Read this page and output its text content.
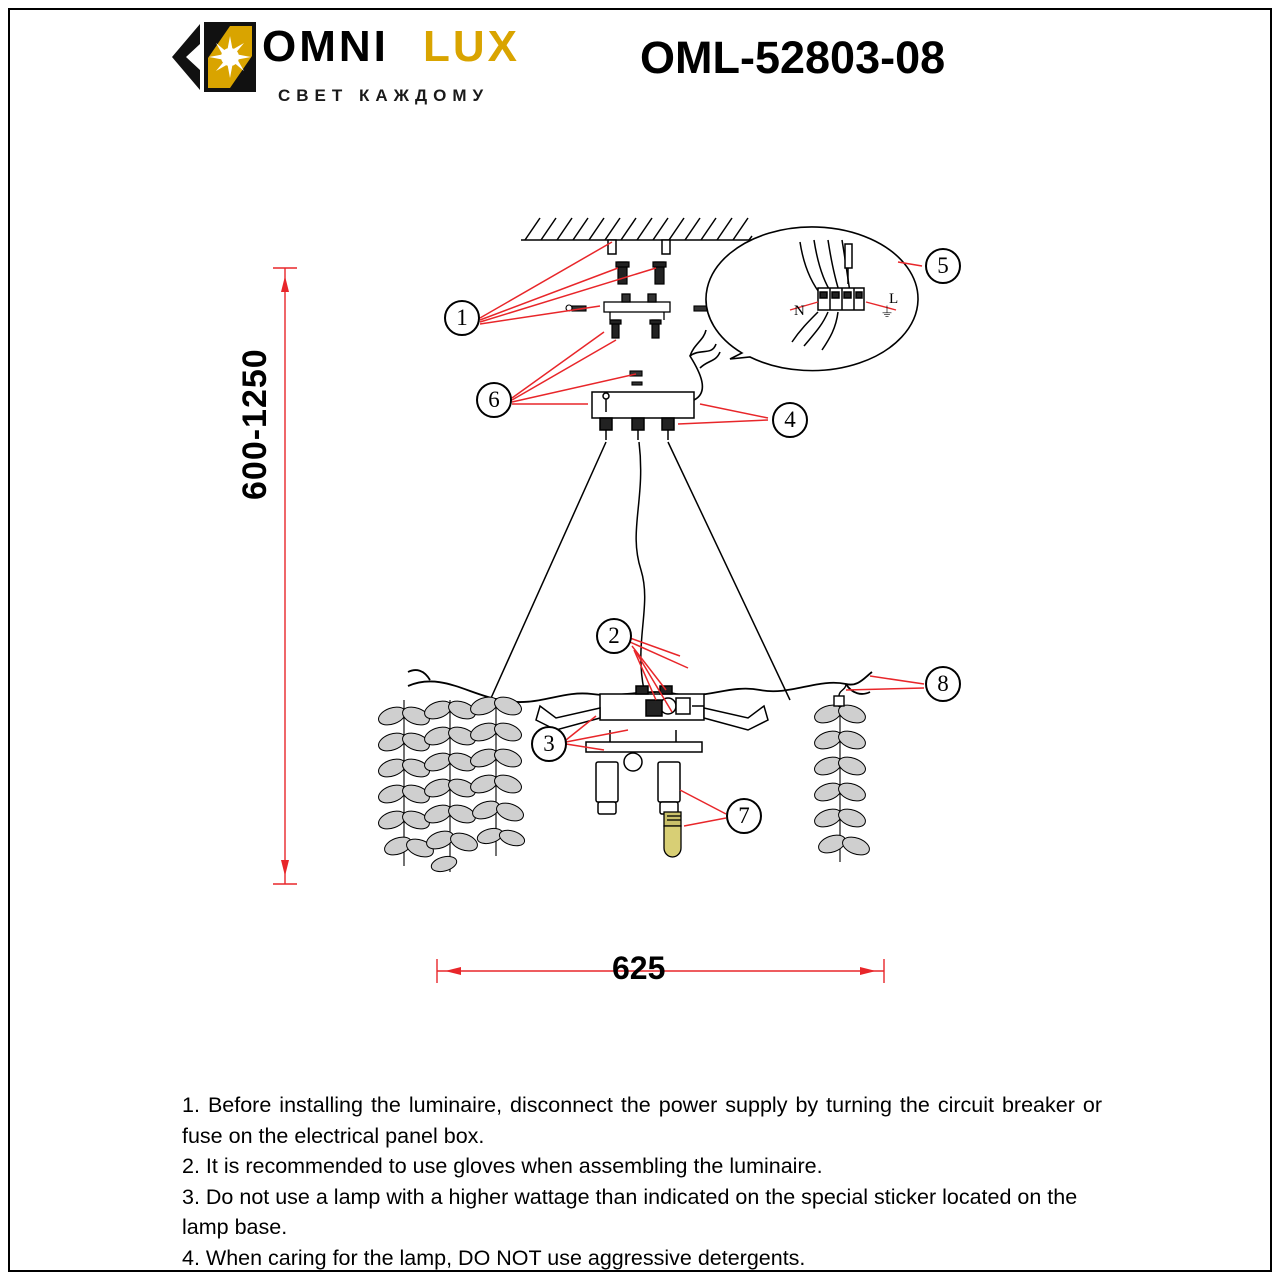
OMNI LUX
СВЕТ КАЖДОМУ
OML-52803-08
N
L
⏚
600-1250
625
1
2
3
4
5
6
7
8

1. Before installing the luminaire, disconnect the power supply by turning the circuit breaker or fuse on the electrical panel box.

2. It is recommended to use gloves when assembling the luminaire.

3. Do not use a lamp with a higher wattage than indicated on the special sticker located on the lamp base.

4. When caring for the lamp, DO NOT use aggressive detergents.
